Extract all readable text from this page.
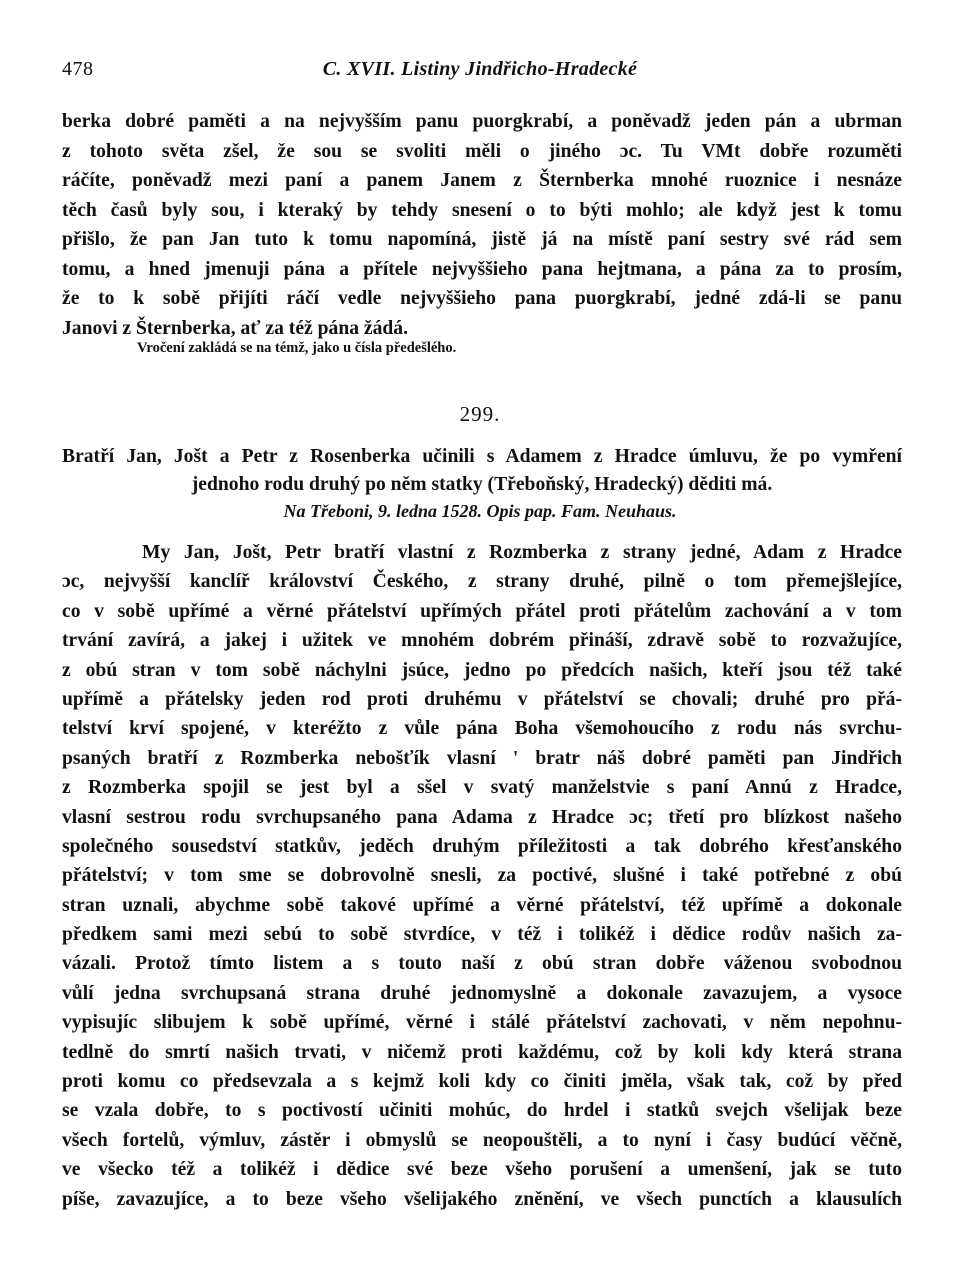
478	C. XVII. Listiny Jindřicho-Hradecké
berka dobré paměti a na nejvyšším panu puorgkrabí, a poněvadž jeden pán a ubrman
z tohoto světa zšel, že sou se svoliti měli o jiného ɔc. Tu VMt dobře rozuměti
ráčíte, poněvadž mezi paní a panem Janem z Šternberka mnohé ruoznice i nesnáze
těch časů byly sou, i kteraký by tehdy snesení o to býti mohlo; ale když jest k tomu
přišlo, že pan Jan tuto k tomu napomíná, jistě já na místě paní sestry své rád sem
tomu, a hned jmenuji pána a přítele nejvyššieho pana hejtmana, a pána za to prosím,
že to k sobě přijíti ráčí vedle nejvyššieho pana puorgkrabí, jedné zdá-li se panu
Janovi z Šternberka, ať za též pána žádá.
Vročení zakládá se na témž, jako u čísla předešlého.
299.
Bratří Jan, Jošt a Petr z Rosenberka učinili s Adamem z Hradce úmluvu, že po vymření
jednoho rodu druhý po něm statky (Třeboňský, Hradecký) děditi má.
Na Třeboni, 9. ledna 1528. Opis pap. Fam. Neuhaus.
My Jan, Jošt, Petr bratří vlastní z Rozmberka z strany jedné, Adam z Hradce
ɔc, nejvyšší kanclíř království Českého, z strany druhé, pilně o tom přemejšlejíce,
co v sobě upřímé a věrné přátelství upřímých přátel proti přátelům zachování a v tom
trvání zavírá, a jakej i užitek ve mnohém dobrém přináší, zdravě sobě to rozvažujíce,
z obú stran v tom sobě náchylni jsúce, jedno po předcích našich, kteří jsou též také
upřímě a přátelsky jeden rod proti druhému v přátelství se chovali; druhé pro přá-
telství krví spojené, v kteréžto z vůle pána Boha všemohoucího z rodu nás svrchu-
psaných bratří z Rozmberka nebošťík vlasní ' bratr náš dobré paměti pan Jindřich
z Rozmberka spojil se jest byl a sšel v svatý manželstvie s paní Annú z Hradce,
vlasní sestrou rodu svrchupsaného pana Adama z Hradce ɔc; třetí pro blízkost našeho
společného sousedství statkův, jeděch druhým příležitosti a tak dobrého křesťanského
přátelství; v tom sme se dobrovolně snesli, za poctivé, slušné i také potřebné z obú
stran uznali, abychme sobě takové upřímé a věrné přátelství, též upřímě a dokonale
předkem sami mezi sebú to sobě stvrdíce, v též i tolikéž i dědice rodův našich za-
vázali. Protož tímto listem a s touto naší z obú stran dobře váženou svobodnou
vůlí jedna svrchupsaná strana druhé jednomyslně a dokonale zavazujem, a vysoce
vypisujíc slibujem k sobě upřímé, věrné i stálé přátelství zachovati, v něm nepohnu-
tedlně do smrtí našich trvati, v ničemž proti každému, což by koli kdy která strana
proti komu co předsevzala a s kejmž koli kdy co činiti jměla, však tak, což by před
se vzala dobře, to s poctivostí učiniti mohúc, do hrdel i statků svejch všelijak beze
všech fortelů, výmluv, zástěr i obmyslů se neopouštěli, a to nyní i časy budúcí věčně,
ve všecko též a tolikéž i dědice své beze všeho porušení a umenšení, jak se tuto
píše, zavazujíce, a to beze všeho všelijakého zněnění, ve všech punctích a klausulích
